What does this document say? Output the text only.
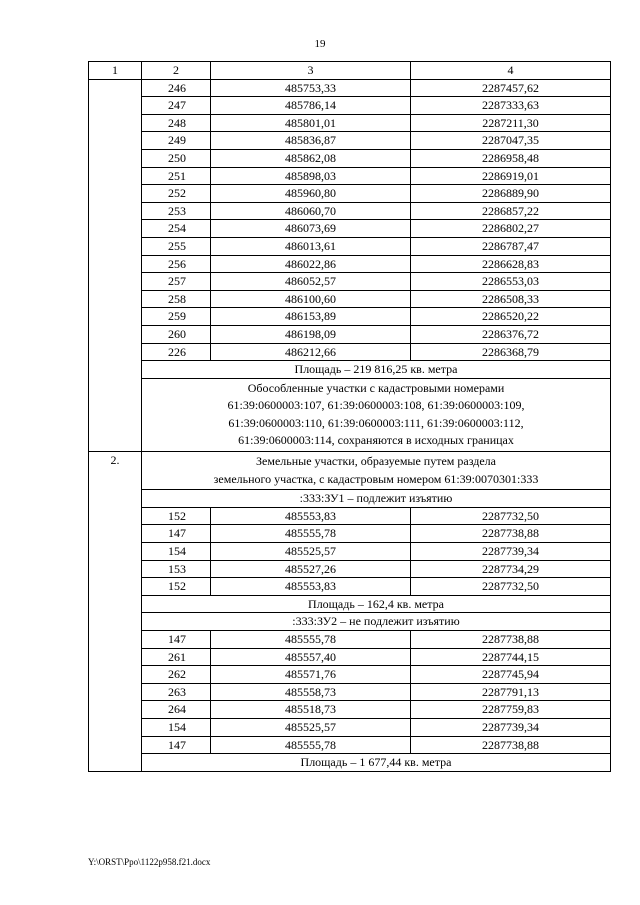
19
1	2	3	4
	246	485753,33	2287457,62
	247	485786,14	2287333,63
	248	485801,01	2287211,30
	249	485836,87	2287047,35
	250	485862,08	2286958,48
	251	485898,03	2286919,01
	252	485960,80	2286889,90
	253	486060,70	2286857,22
	254	486073,69	2286802,27
	255	486013,61	2286787,47
	256	486022,86	2286628,83
	257	486052,57	2286553,03
	258	486100,60	2286508,33
	259	486153,89	2286520,22
	260	486198,09	2286376,72
	226	486212,66	2286368,79
	Площадь – 219 816,25 кв. метра		

	Обособленные участки с кадастровыми номерами
61:39:0600003:107, 61:39:0600003:108, 61:39:0600003:109,
61:39:0600003:110, 61:39:0600003:111, 61:39:0600003:112,
61:39:0600003:114, сохраняются в исходных границах		

2.	Земельные участки, образуемые путем раздела
земельного участка, с кадастровым номером 61:39:0070301:333		

	:333:ЗУ1 – подлежит изъятию		
	152	485553,83	2287732,50
	147	485555,78	2287738,88
	154	485525,57	2287739,34
	153	485527,26	2287734,29
	152	485553,83	2287732,50
	Площадь – 162,4 кв. метра		
	:333:ЗУ2 – не подлежит изъятию		
	147	485555,78	2287738,88
	261	485557,40	2287744,15
	262	485571,76	2287745,94
	263	485558,73	2287791,13
	264	485518,73	2287759,83
	154	485525,57	2287739,34
	147	485555,78	2287738,88
	Площадь – 1 677,44 кв. метра		
Y:\ORST\Ppo\1122p958.f21.docx
